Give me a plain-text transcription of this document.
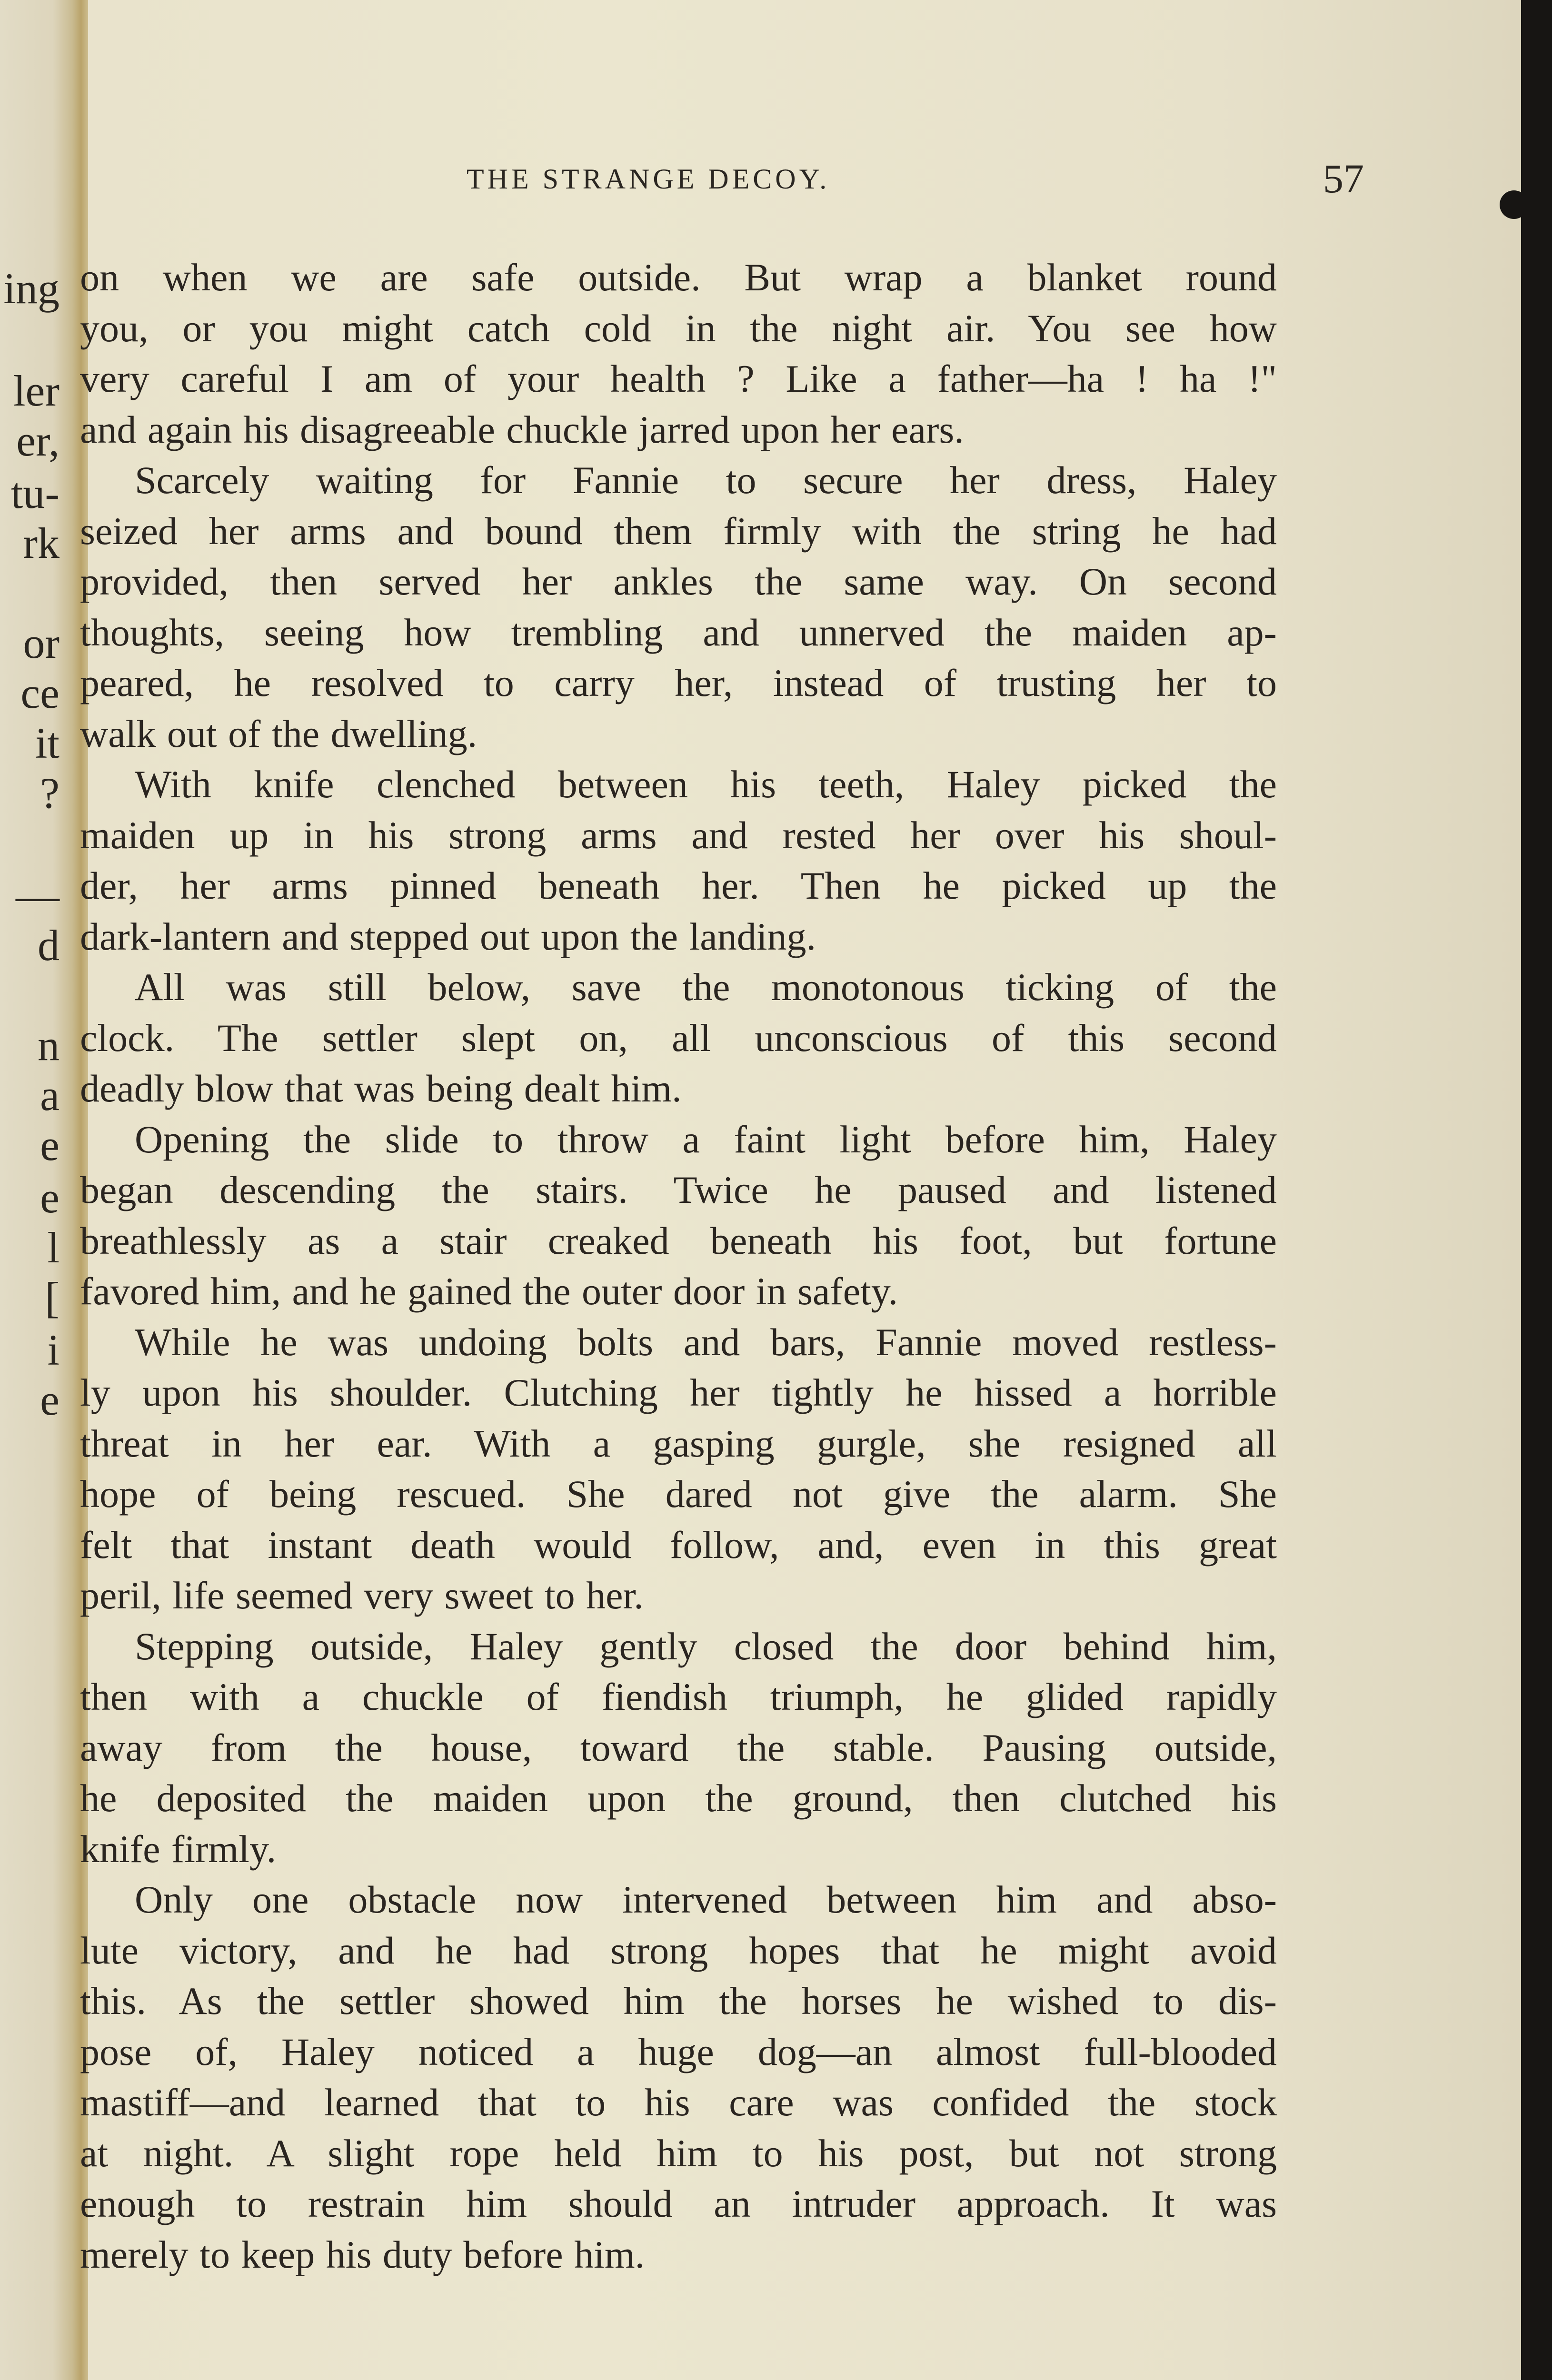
ing
ler
er,
tu-
rk
or
ce
it
?
—
d
n
a
e
e
l
[
i
e
THE STRANGE DECOY.	57
on when we are safe outside. But wrap a blanket round
you, or you might catch cold in the night air. You see how
very careful I am of your health ? Like a father—ha ! ha !"
and again his disagreeable chuckle jarred upon her ears.
Scarcely waiting for Fannie to secure her dress, Haley
seized her arms and bound them firmly with the string he had
provided, then served her ankles the same way. On second
thoughts, seeing how trembling and unnerved the maiden ap-
peared, he resolved to carry her, instead of trusting her to
walk out of the dwelling.
With knife clenched between his teeth, Haley picked the
maiden up in his strong arms and rested her over his shoul-
der, her arms pinned beneath her. Then he picked up the
dark-lantern and stepped out upon the landing.
All was still below, save the monotonous ticking of the
clock. The settler slept on, all unconscious of this second
deadly blow that was being dealt him.
Opening the slide to throw a faint light before him, Haley
began descending the stairs. Twice he paused and listened
breathlessly as a stair creaked beneath his foot, but fortune
favored him, and he gained the outer door in safety.
While he was undoing bolts and bars, Fannie moved restless-
ly upon his shoulder. Clutching her tightly he hissed a horrible
threat in her ear. With a gasping gurgle, she resigned all
hope of being rescued. She dared not give the alarm. She
felt that instant death would follow, and, even in this great
peril, life seemed very sweet to her.
Stepping outside, Haley gently closed the door behind him,
then with a chuckle of fiendish triumph, he glided rapidly
away from the house, toward the stable. Pausing outside,
he deposited the maiden upon the ground, then clutched his
knife firmly.
Only one obstacle now intervened between him and abso-
lute victory, and he had strong hopes that he might avoid
this. As the settler showed him the horses he wished to dis-
pose of, Haley noticed a huge dog—an almost full-blooded
mastiff—and learned that to his care was confided the stock
at night. A slight rope held him to his post, but not strong
enough to restrain him should an intruder approach. It was
merely to keep his duty before him.
